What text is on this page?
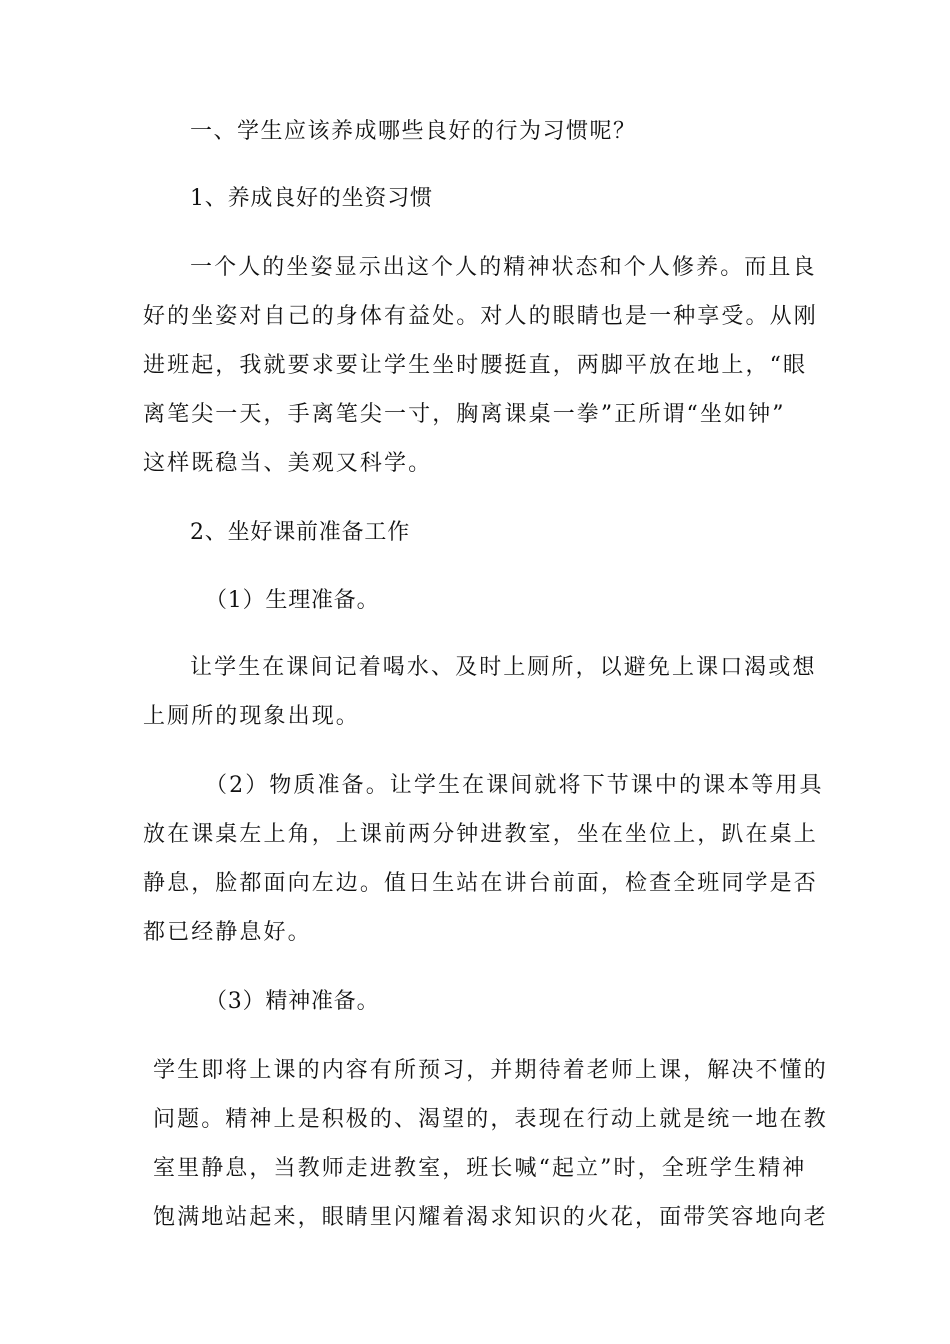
一、学生应该养成哪些良好的行为习惯呢？
1、养成良好的坐资习惯
一个人的坐姿显示出这个人的精神状态和个人修养。而且良
好的坐姿对自己的身体有益处。对人的眼睛也是一种享受。从刚
进班起，我就要求要让学生坐时腰挺直，两脚平放在地上，“眼
离笔尖一天，手离笔尖一寸，胸离课桌一拳”正所谓“坐如钟”
这样既稳当、美观又科学。
2、坐好课前准备工作
（1）生理准备。
让学生在课间记着喝水、及时上厕所，以避免上课口渴或想
上厕所的现象出现。
（2）物质准备。让学生在课间就将下节课中的课本等用具
放在课桌左上角，上课前两分钟进教室，坐在坐位上，趴在桌上
静息，脸都面向左边。值日生站在讲台前面，检查全班同学是否
都已经静息好。
（3）精神准备。
学生即将上课的内容有所预习，并期待着老师上课，解决不懂的
问题。精神上是积极的、渴望的，表现在行动上就是统一地在教
室里静息，当教师走进教室，班长喊“起立”时，全班学生精神
饱满地站起来，眼睛里闪耀着渴求知识的火花，面带笑容地向老
